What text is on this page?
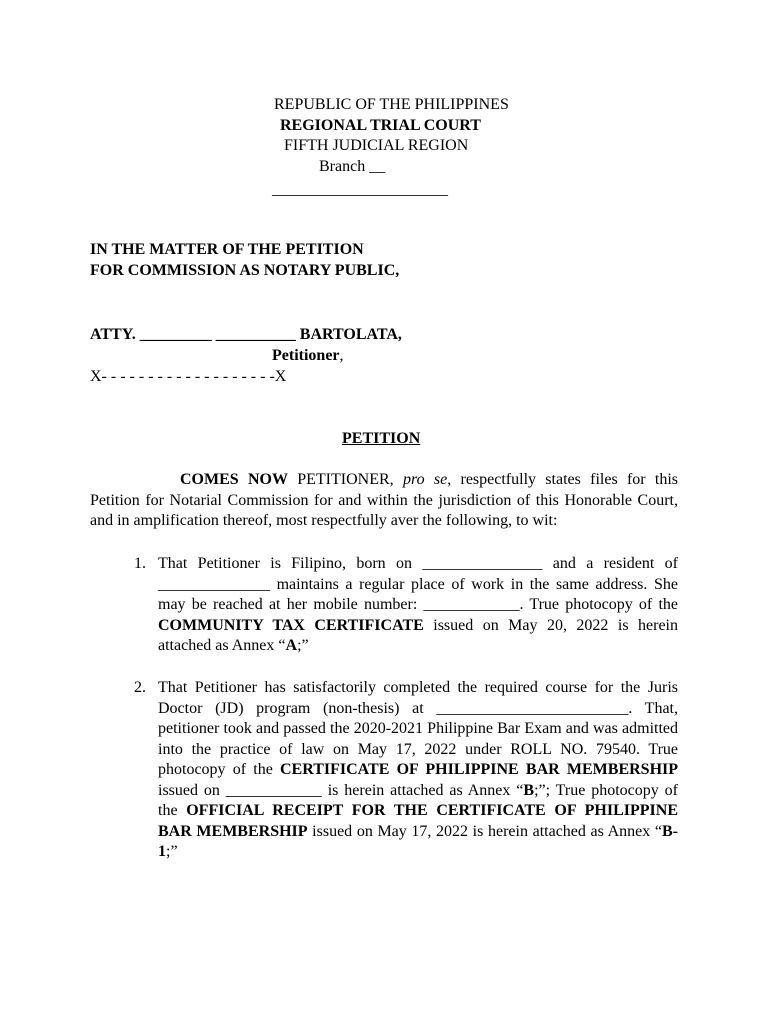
REPUBLIC OF THE PHILIPPINES
REGIONAL TRIAL COURT
FIFTH JUDICIAL REGION
Branch __
______________________
IN THE MATTER OF THE PETITION
FOR COMMISSION AS NOTARY PUBLIC,
ATTY. _________ __________ BARTOLATA,
Petitioner,
X- - - - - - - - - - - - - - - - - - -X
PETITION
COMES NOW PETITIONER, pro se, respectfully states files for this Petition for Notarial Commission for and within the jurisdiction of this Honorable Court, and in amplification thereof, most respectfully aver the following, to wit:
1. That Petitioner is Filipino, born on _______________ and a resident of ______________ maintains a regular place of work in the same address. She may be reached at her mobile number: ____________. True photocopy of the COMMUNITY TAX CERTIFICATE issued on May 20, 2022 is herein attached as Annex “A;”
2. That Petitioner has satisfactorily completed the required course for the Juris Doctor (JD) program (non-thesis) at ________________________. That, petitioner took and passed the 2020-2021 Philippine Bar Exam and was admitted into the practice of law on May 17, 2022 under ROLL NO. 79540. True photocopy of the CERTIFICATE OF PHILIPPINE BAR MEMBERSHIP issued on ____________ is herein attached as Annex “B;”; True photocopy of the OFFICIAL RECEIPT FOR THE CERTIFICATE OF PHILIPPINE BAR MEMBERSHIP issued on May 17, 2022 is herein attached as Annex “B-1;”
